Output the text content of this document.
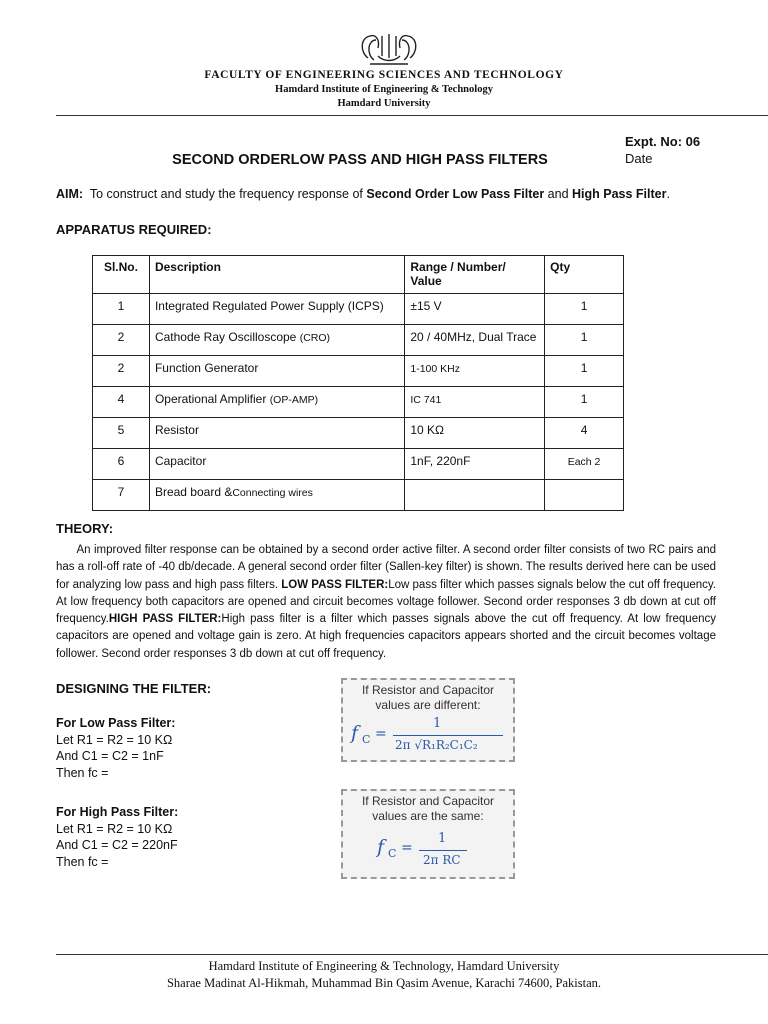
FACULTY OF ENGINEERING SCIENCES AND TECHNOLOGY
Hamdard Institute of Engineering & Technology
Hamdard University
Expt. No: 06
Date
SECOND ORDERLOW PASS AND HIGH PASS FILTERS
AIM: To construct and study the frequency response of Second Order Low Pass Filter and High Pass Filter.
APPARATUS REQUIRED:
Sl.No.	Description	Range / Number/ Value	Qty
1	Integrated Regulated Power Supply (ICPS)	±15 V	1
2	Cathode Ray Oscilloscope (CRO)	20 / 40MHz, Dual Trace	1
2	Function Generator	1-100 KHz	1
4	Operational Amplifier (OP-AMP)	IC 741	1
5	Resistor	10 KΩ	4
6	Capacitor	1nF, 220nF	Each 2
7	Bread board &Connecting wires		
THEORY:
An improved filter response can be obtained by a second order active filter. A second order filter consists of two RC pairs and has a roll-off rate of -40 db/decade. A general second order filter (Sallen-key filter) is shown. The results derived here can be used for analyzing low pass and high pass filters. LOW PASS FILTER:Low pass filter which passes signals below the cut off frequency. At low frequency both capacitors are opened and circuit becomes voltage follower. Second order responses 3 db down at cut off frequency.HIGH PASS FILTER:High pass filter is a filter which passes signals above the cut off frequency. At low frequency capacitors are opened and voltage gain is zero. At high frequencies capacitors appears shorted and the circuit becomes voltage follower. Second order responses 3 db down at cut off frequency.
DESIGNING THE FILTER:
For Low Pass Filter:
Let R1 = R2 = 10 KΩ
And C1 = C2 = 1nF
Then fc =
For High Pass Filter:
Let R1 = R2 = 10 KΩ
And C1 = C2 = 220nF
Then fc =
If Resistor and Capacitor
values are different:
f C =
1
2π √R₁R₂C₁C₂
If Resistor and Capacitor
values are the same:
f C =
1
2π RC
Hamdard Institute of Engineering & Technology, Hamdard University
Sharae Madinat Al-Hikmah, Muhammad Bin Qasim Avenue, Karachi 74600, Pakistan.
